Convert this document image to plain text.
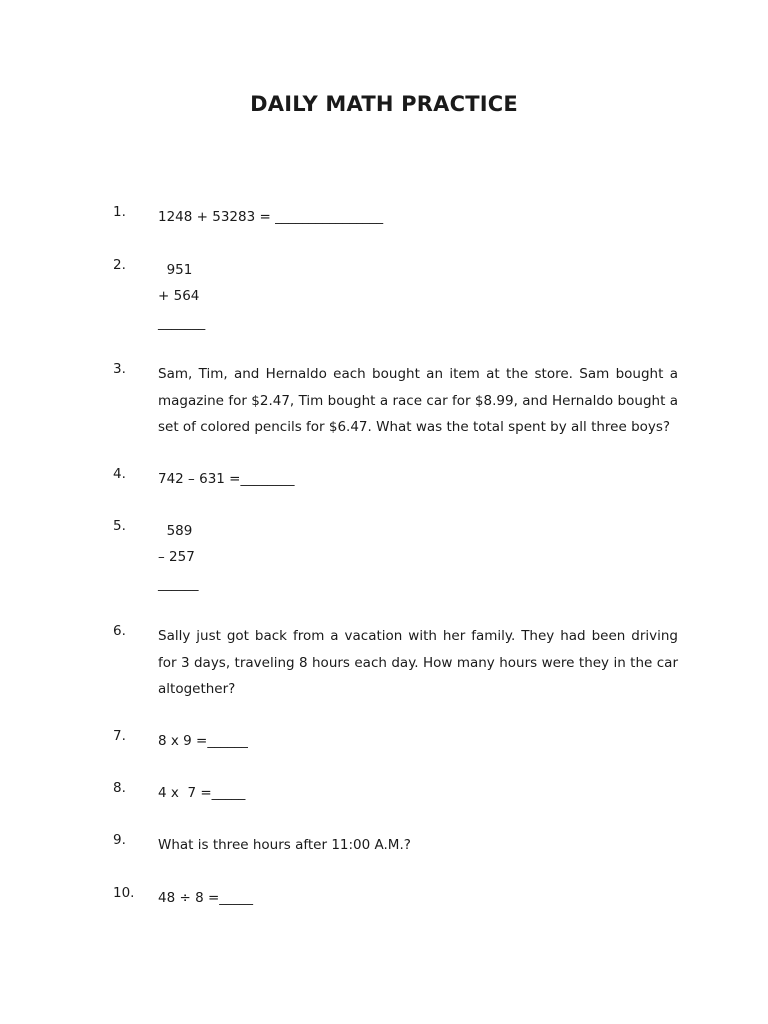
DAILY MATH PRACTICE
1. 1248 + 53283 = ________________
2. 951
+ 564
_______
3. Sam, Tim, and Hernaldo each bought an item at the store. Sam bought a magazine for $2.47, Tim bought a race car for $8.99, and Hernaldo bought a set of colored pencils for $6.47. What was the total spent by all three boys?
4. 742 – 631 =________
5. 589
– 257
______
6. Sally just got back from a vacation with her family. They had been driving for 3 days, traveling 8 hours each day. How many hours were they in the car altogether?
7. 8 x 9 =______
8. 4 x  7 =_____
9. What is three hours after 11:00 A.M.?
10. 48 ÷ 8 =_____
